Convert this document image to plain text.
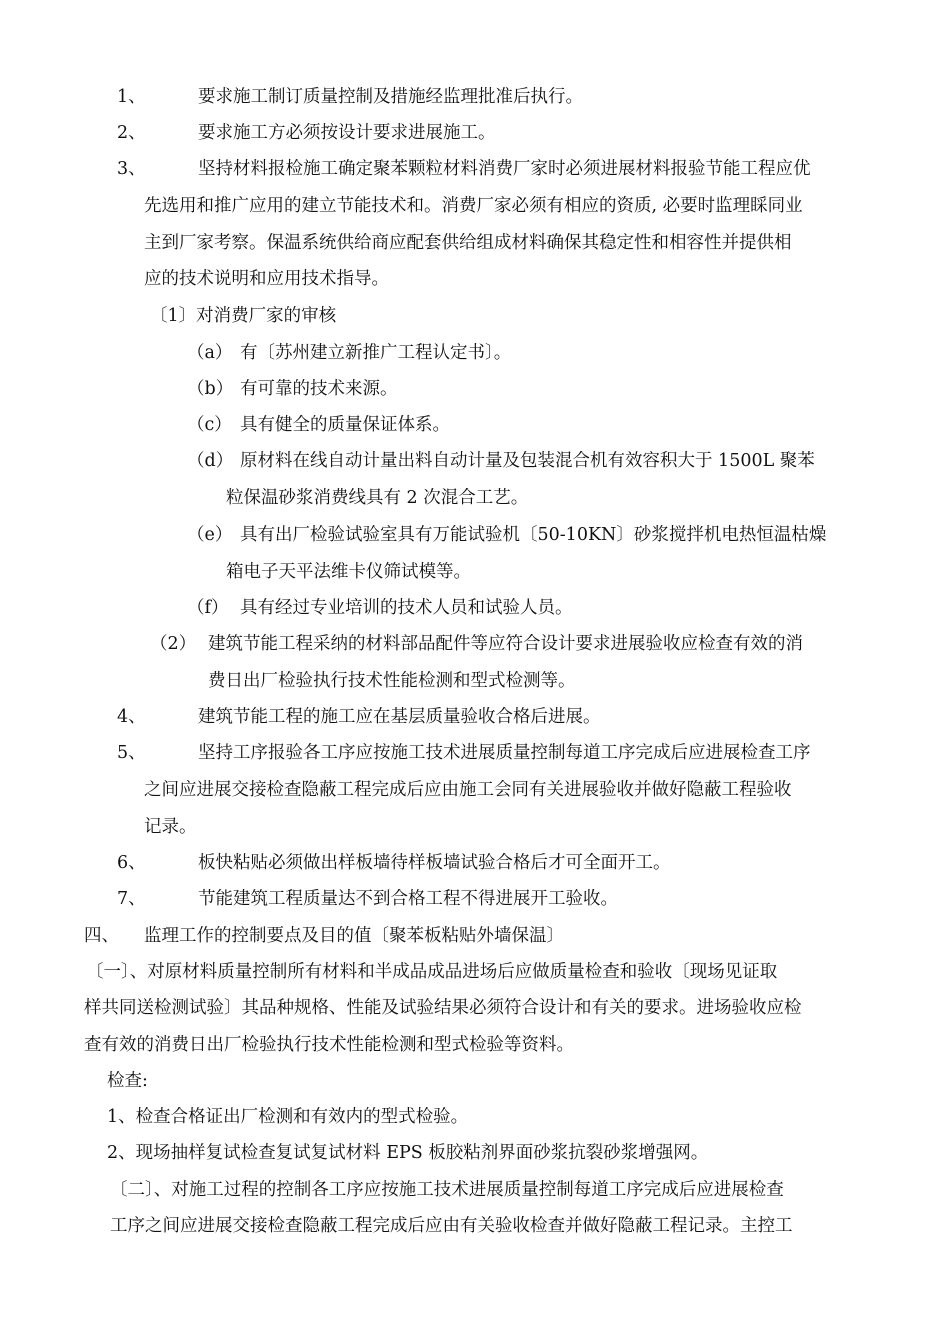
1、	要求施工制订质量控制及措施经监理批准后执行。
2、	要求施工方必须按设计要求进展施工。
3、	坚持材料报检施工确定聚苯颗粒材料消费厂家时必须进展材料报验节能工程应优
先选用和推广应用的建立节能技术和。消费厂家必须有相应的资质, 必要时监理睬同业
主到厂家考察。保温系统供给商应配套供给组成材料确保其稳定性和相容性并提供相
应的技术说明和应用技术指导。
〔1〕对消费厂家的审核
（a） 有〔苏州建立新推广工程认定书〕。
（b） 有可靠的技术来源。
（c） 具有健全的质量保证体系。
（d） 原材料在线自动计量出料自动计量及包装混合机有效容积大于 1500L 聚苯
粒保温砂浆消费线具有 2 次混合工艺。
（e） 具有出厂检验试验室具有万能试验机〔50-10KN〕砂浆搅拌机电热恒温枯燥
箱电子天平法维卡仪筛试模等。
（f） 具有经过专业培训的技术人员和试验人员。
（2） 建筑节能工程采纳的材料部品配件等应符合设计要求进展验收应检查有效的消
费日出厂检验执行技术性能检测和型式检测等。
4、	建筑节能工程的施工应在基层质量验收合格后进展。
5、	坚持工序报验各工序应按施工技术进展质量控制每道工序完成后应进展检查工序
之间应进展交接检查隐蔽工程完成后应由施工会同有关进展验收并做好隐蔽工程验收
记录。
6、	板快粘贴必须做出样板墙待样板墙试验合格后才可全面开工。
7、	节能建筑工程质量达不到合格工程不得进展开工验收。
四、 监理工作的控制要点及目的值〔聚苯板粘贴外墙保温〕
〔一〕、对原材料质量控制所有材料和半成品成品进场后应做质量检查和验收〔现场见证取
样共同送检测试验〕其品种规格、性能及试验结果必须符合设计和有关的要求。进场验收应检
查有效的消费日出厂检验执行技术性能检测和型式检验等资料。
检查:
1、检查合格证出厂检测和有效内的型式检验。
2、现场抽样复试检查复试复试材料 EPS 板胶粘剂界面砂浆抗裂砂浆增强网。
〔二〕、对施工过程的控制各工序应按施工技术进展质量控制每道工序完成后应进展检查
工序之间应进展交接检查隐蔽工程完成后应由有关验收检查并做好隐蔽工程记录。主控工
